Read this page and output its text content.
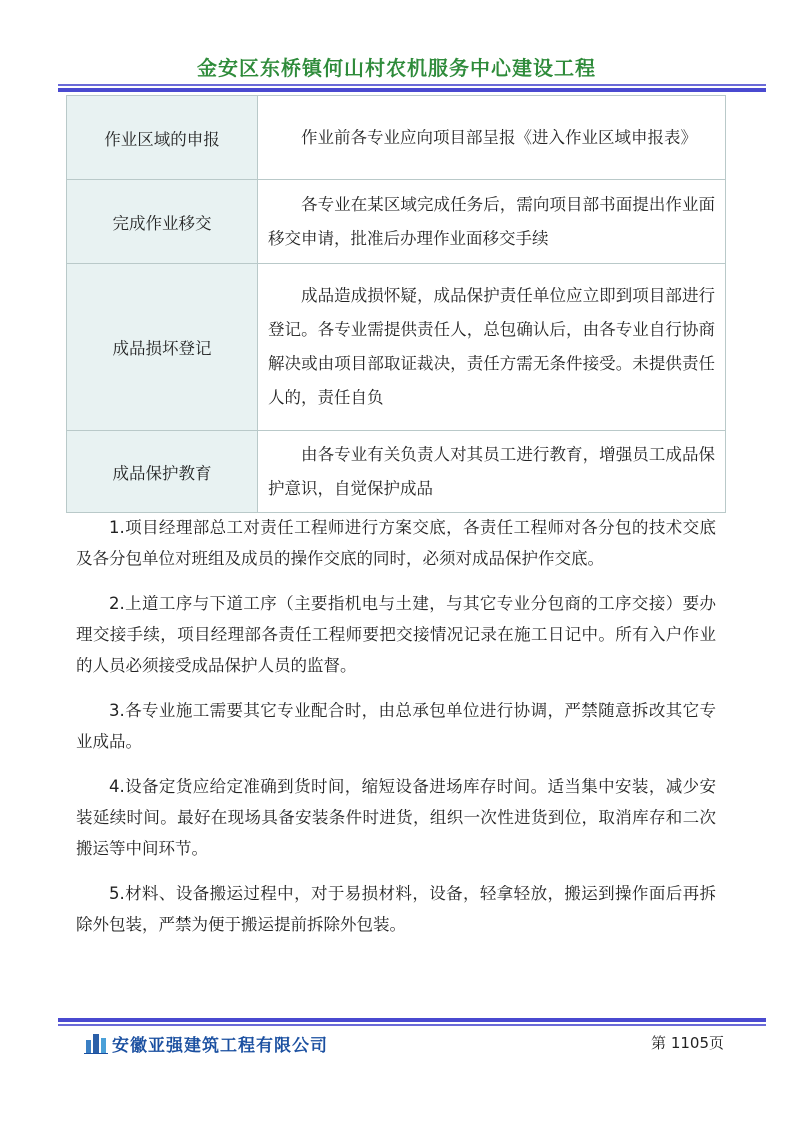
金安区东桥镇何山村农机服务中心建设工程
作业区域的申报	作业前各专业应向项目部呈报《进入作业区域申报表》

完成作业移交	各专业在某区域完成任务后，需向项目部书面提出作业面移交申请，批准后办理作业面移交手续

成品损坏登记	成品造成损怀疑，成品保护责任单位应立即到项目部进行登记。各专业需提供责任人，总包确认后，由各专业自行协商解决或由项目部取证裁决，责任方需无条件接受。未提供责任人的，责任自负

成品保护教育	由各专业有关负责人对其员工进行教育，增强员工成品保护意识，自觉保护成品

1.项目经理部总工对责任工程师进行方案交底，各责任工程师对各分包的技术交底及各分包单位对班组及成员的操作交底的同时，必须对成品保护作交底。

2.上道工序与下道工序（主要指机电与土建，与其它专业分包商的工序交接）要办理交接手续，项目经理部各责任工程师要把交接情况记录在施工日记中。所有入户作业的人员必须接受成品保护人员的监督。

3.各专业施工需要其它专业配合时，由总承包单位进行协调，严禁随意拆改其它专业成品。

4.设备定货应给定准确到货时间，缩短设备进场库存时间。适当集中安装，减少安装延续时间。最好在现场具备安装条件时进货，组织一次性进货到位，取消库存和二次搬运等中间环节。

5.材料、设备搬运过程中，对于易损材料，设备，轻拿轻放，搬运到操作面后再拆除外包装，严禁为便于搬运提前拆除外包装。

安徽亚强建筑工程有限公司	第 1105页
